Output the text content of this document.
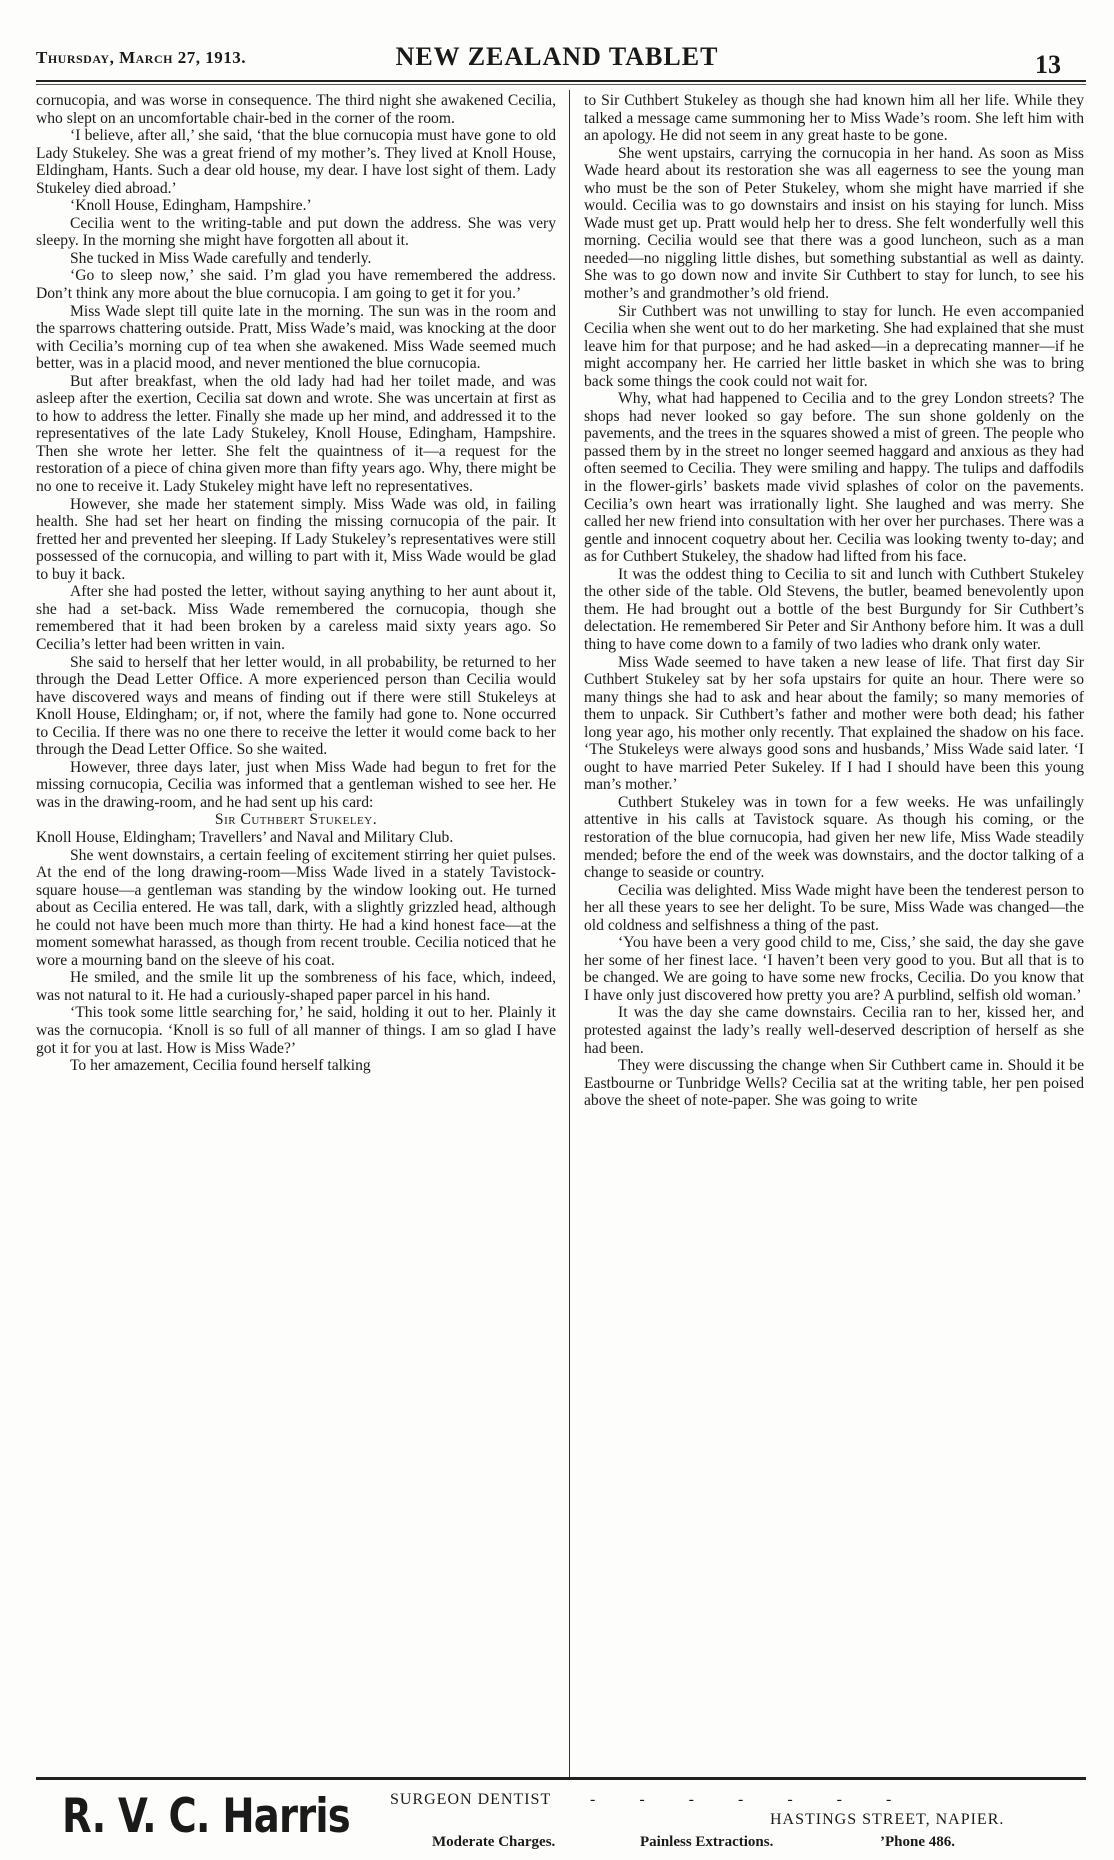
Thursday, March 27, 1913.	NEW ZEALAND TABLET	13

cornucopia, and was worse in consequence. The third night she awakened Cecilia, who slept on an uncomfortable chair-bed in the corner of the room.

‘I believe, after all,’ she said, ‘that the blue cornucopia must have gone to old Lady Stukeley. She was a great friend of my mother’s. They lived at Knoll House, Eldingham, Hants. Such a dear old house, my dear. I have lost sight of them. Lady Stukeley died abroad.’

‘Knoll House, Edingham, Hampshire.’

Cecilia went to the writing-table and put down the address. She was very sleepy. In the morning she might have forgotten all about it.

She tucked in Miss Wade carefully and tenderly.

‘Go to sleep now,’ she said. I’m glad you have remembered the address. Don’t think any more about the blue cornucopia. I am going to get it for you.’

Miss Wade slept till quite late in the morning. The sun was in the room and the sparrows chattering outside. Pratt, Miss Wade’s maid, was knocking at the door with Cecilia’s morning cup of tea when she awakened. Miss Wade seemed much better, was in a placid mood, and never mentioned the blue cornucopia.

But after breakfast, when the old lady had had her toilet made, and was asleep after the exertion, Cecilia sat down and wrote. She was uncertain at first as to how to address the letter. Finally she made up her mind, and addressed it to the representatives of the late Lady Stukeley, Knoll House, Edingham, Hampshire. Then she wrote her letter. She felt the quaintness of it—a request for the restoration of a piece of china given more than fifty years ago. Why, there might be no one to receive it. Lady Stukeley might have left no representatives.

However, she made her statement simply. Miss Wade was old, in failing health. She had set her heart on finding the missing cornucopia of the pair. It fretted her and prevented her sleeping. If Lady Stukeley’s representatives were still possessed of the cornucopia, and willing to part with it, Miss Wade would be glad to buy it back.

After she had posted the letter, without saying anything to her aunt about it, she had a set-back. Miss Wade remembered the cornucopia, though she remembered that it had been broken by a careless maid sixty years ago. So Cecilia’s letter had been written in vain.

She said to herself that her letter would, in all probability, be returned to her through the Dead Letter Office. A more experienced person than Cecilia would have discovered ways and means of finding out if there were still Stukeleys at Knoll House, Eldingham; or, if not, where the family had gone to. None occurred to Cecilia. If there was no one there to receive the letter it would come back to her through the Dead Letter Office. So she waited.

However, three days later, just when Miss Wade had begun to fret for the missing cornucopia, Cecilia was informed that a gentleman wished to see her. He was in the drawing-room, and he had sent up his card:

Sir Cuthbert Stukeley.

Knoll House, Eldingham; Travellers’ and Naval and Military Club.

She went downstairs, a certain feeling of excitement stirring her quiet pulses. At the end of the long drawing-room—Miss Wade lived in a stately Tavistock-square house—a gentleman was standing by the window looking out. He turned about as Cecilia entered. He was tall, dark, with a slightly grizzled head, although he could not have been much more than thirty. He had a kind honest face—at the moment somewhat harassed, as though from recent trouble. Cecilia noticed that he wore a mourning band on the sleeve of his coat.

He smiled, and the smile lit up the sombreness of his face, which, indeed, was not natural to it. He had a curiously-shaped paper parcel in his hand.

‘This took some little searching for,’ he said, holding it out to her. Plainly it was the cornucopia. ‘Knoll is so full of all manner of things. I am so glad I have got it for you at last. How is Miss Wade?’

To her amazement, Cecilia found herself talking

to Sir Cuthbert Stukeley as though she had known him all her life. While they talked a message came summoning her to Miss Wade’s room. She left him with an apology. He did not seem in any great haste to be gone.

She went upstairs, carrying the cornucopia in her hand. As soon as Miss Wade heard about its restoration she was all eagerness to see the young man who must be the son of Peter Stukeley, whom she might have married if she would. Cecilia was to go downstairs and insist on his staying for lunch. Miss Wade must get up. Pratt would help her to dress. She felt wonderfully well this morning. Cecilia would see that there was a good luncheon, such as a man needed—no niggling little dishes, but something substantial as well as dainty. She was to go down now and invite Sir Cuthbert to stay for lunch, to see his mother’s and grandmother’s old friend.

Sir Cuthbert was not unwilling to stay for lunch. He even accompanied Cecilia when she went out to do her marketing. She had explained that she must leave him for that purpose; and he had asked—in a deprecating manner—if he might accompany her. He carried her little basket in which she was to bring back some things the cook could not wait for.

Why, what had happened to Cecilia and to the grey London streets? The shops had never looked so gay before. The sun shone goldenly on the pavements, and the trees in the squares showed a mist of green. The people who passed them by in the street no longer seemed haggard and anxious as they had often seemed to Cecilia. They were smiling and happy. The tulips and daffodils in the flower-girls’ baskets made vivid splashes of color on the pavements. Cecilia’s own heart was irrationally light. She laughed and was merry. She called her new friend into consultation with her over her purchases. There was a gentle and innocent coquetry about her. Cecilia was looking twenty to-day; and as for Cuthbert Stukeley, the shadow had lifted from his face.

It was the oddest thing to Cecilia to sit and lunch with Cuthbert Stukeley the other side of the table. Old Stevens, the butler, beamed benevolently upon them. He had brought out a bottle of the best Burgundy for Sir Cuthbert’s delectation. He remembered Sir Peter and Sir Anthony before him. It was a dull thing to have come down to a family of two ladies who drank only water.

Miss Wade seemed to have taken a new lease of life. That first day Sir Cuthbert Stukeley sat by her sofa upstairs for quite an hour. There were so many things she had to ask and hear about the family; so many memories of them to unpack. Sir Cuthbert’s father and mother were both dead; his father long year ago, his mother only recently. That explained the shadow on his face. ‘The Stukeleys were always good sons and husbands,’ Miss Wade said later. ‘I ought to have married Peter Sukeley. If I had I should have been this young man’s mother.’

Cuthbert Stukeley was in town for a few weeks. He was unfailingly attentive in his calls at Tavistock square. As though his coming, or the restoration of the blue cornucopia, had given her new life, Miss Wade steadily mended; before the end of the week was downstairs, and the doctor talking of a change to seaside or country.

Cecilia was delighted. Miss Wade might have been the tenderest person to her all these years to see her delight. To be sure, Miss Wade was changed—the old coldness and selfishness a thing of the past.

‘You have been a very good child to me, Ciss,’ she said, the day she gave her some of her finest lace. ‘I haven’t been very good to you. But all that is to be changed. We are going to have some new frocks, Cecilia. Do you know that I have only just discovered how pretty you are? A purblind, selfish old woman.’

It was the day she came downstairs. Cecilia ran to her, kissed her, and protested against the lady’s really well-deserved description of herself as she had been.

They were discussing the change when Sir Cuthbert came in. Should it be Eastbourne or Tunbridge Wells? Cecilia sat at the writing table, her pen poised above the sheet of note-paper. She was going to write

R. V. C. Harris	SURGEON DENTIST - - - - - - -
HASTINGS STREET, NAPIER.
Moderate Charges.	Painless Extractions.	’Phone 486.
